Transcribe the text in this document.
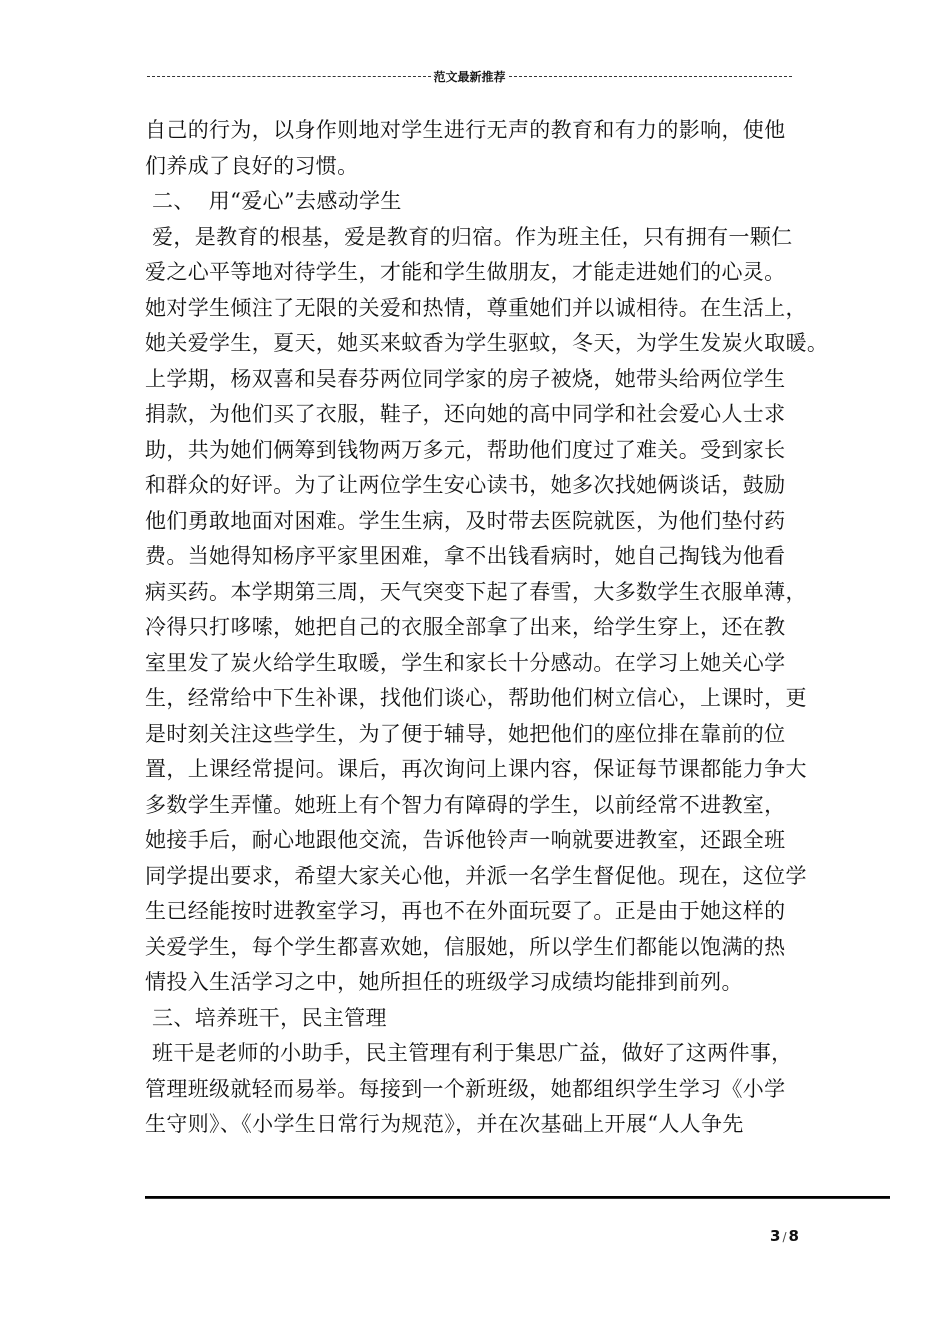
范文最新推荐
自己的行为，以身作则地对学生进行无声的教育和有力的影响，使他
们养成了良好的习惯。
二、  用“爱心”去感动学生
爱，是教育的根基，爱是教育的归宿。作为班主任，只有拥有一颗仁
爱之心平等地对待学生，才能和学生做朋友，才能走进她们的心灵。
她对学生倾注了无限的关爱和热情，尊重她们并以诚相待。在生活上，
她关爱学生，夏天，她买来蚊香为学生驱蚊，冬天，为学生发炭火取暖。
上学期，杨双喜和吴春芬两位同学家的房子被烧，她带头给两位学生
捐款，为他们买了衣服，鞋子，还向她的高中同学和社会爱心人士求
助，共为她们俩筹到钱物两万多元，帮助他们度过了难关。受到家长
和群众的好评。为了让两位学生安心读书，她多次找她俩谈话，鼓励
他们勇敢地面对困难。学生生病，及时带去医院就医，为他们垫付药
费。当她得知杨序平家里困难，拿不出钱看病时，她自己掏钱为他看
病买药。本学期第三周，天气突变下起了春雪，大多数学生衣服单薄，
冷得只打哆嗦，她把自己的衣服全部拿了出来，给学生穿上，还在教
室里发了炭火给学生取暖，学生和家长十分感动。在学习上她关心学
生，经常给中下生补课，找他们谈心，帮助他们树立信心，上课时，更
是时刻关注这些学生，为了便于辅导，她把他们的座位排在靠前的位
置，上课经常提问。课后，再次询问上课内容，保证每节课都能力争大
多数学生弄懂。她班上有个智力有障碍的学生，以前经常不进教室，
她接手后，耐心地跟他交流，告诉他铃声一响就要进教室，还跟全班
同学提出要求，希望大家关心他，并派一名学生督促他。现在，这位学
生已经能按时进教室学习，再也不在外面玩耍了。正是由于她这样的
关爱学生，每个学生都喜欢她，信服她，所以学生们都能以饱满的热
情投入生活学习之中，她所担任的班级学习成绩均能排到前列。
三、培养班干，民主管理
班干是老师的小助手，民主管理有利于集思广益，做好了这两件事，
管理班级就轻而易举。每接到一个新班级，她都组织学生学习《小学
生守则》、《小学生日常行为规范》，并在次基础上开展“人人争先
3 / 8
